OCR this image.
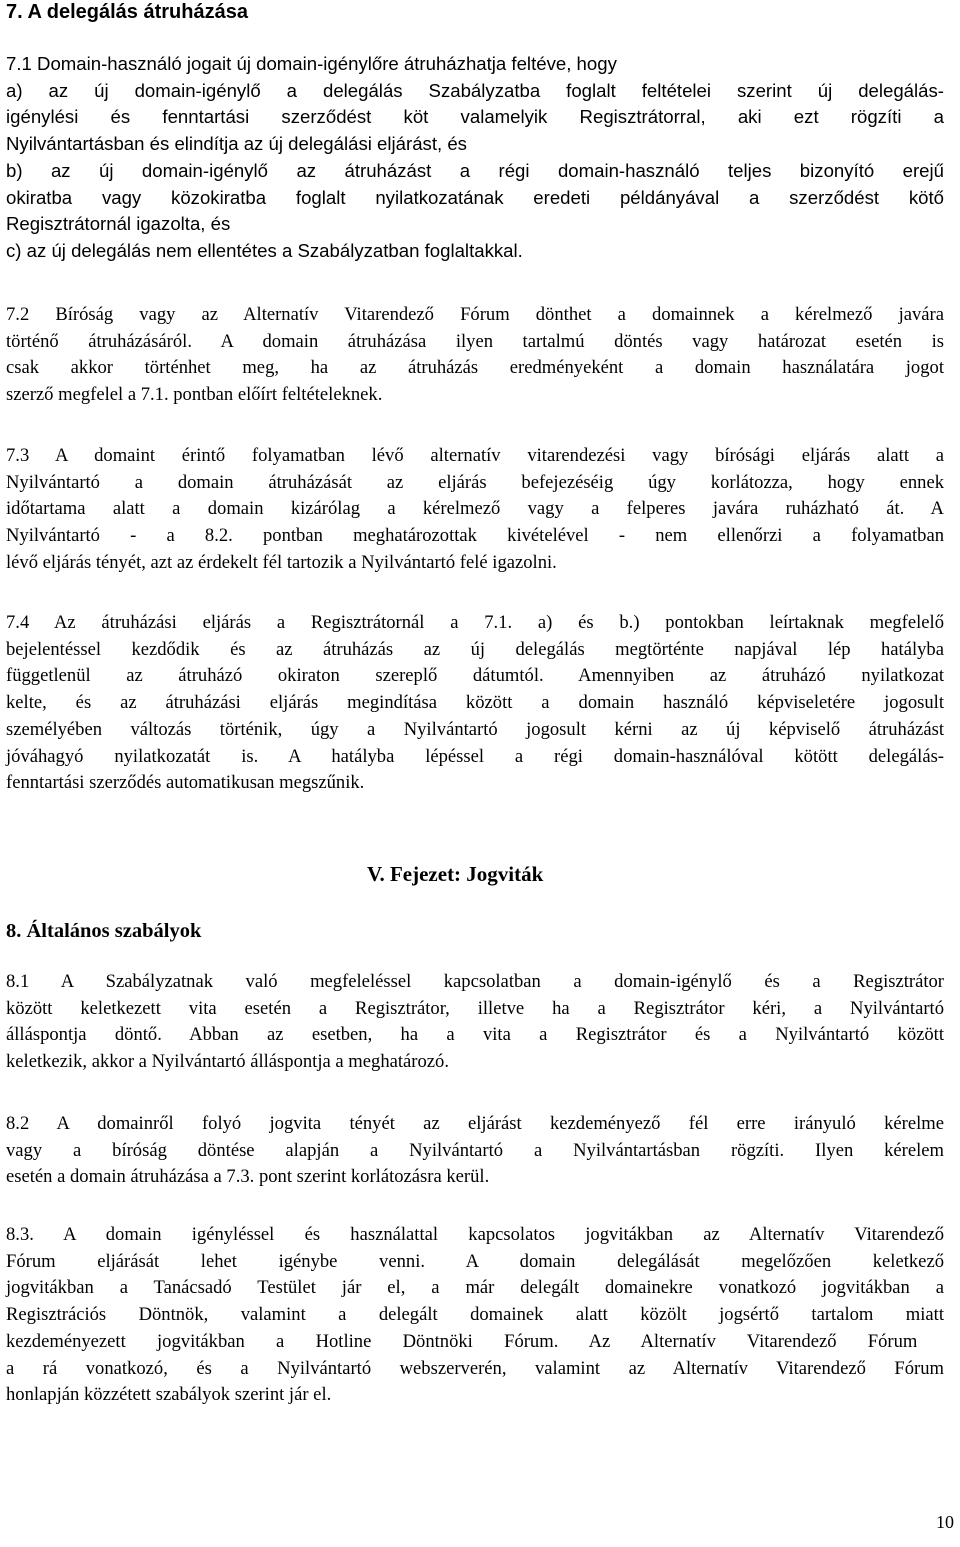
7. A delegálás átruházása
7.1 Domain-használó jogait új domain-igénylőre átruházhatja feltéve, hogy
a) az új domain-igénylő a delegálás Szabályzatba foglalt feltételei szerint új delegálás-
igénylési és fenntartási szerződést köt valamelyik Regisztrátorral, aki ezt rögzíti a
Nyilvántartásban és elindítja az új delegálási eljárást, és
b) az új domain-igénylő az átruházást a régi domain-használó teljes bizonyító erejű
okiratba vagy közokiratba foglalt nyilatkozatának eredeti példányával a szerződést kötő
Regisztrátornál igazolta, és
c) az új delegálás nem ellentétes a Szabályzatban foglaltakkal.
7.2 Bíróság vagy az Alternatív Vitarendező Fórum dönthet a domainnek a kérelmező javára
történő átruházásáról. A domain átruházása ilyen tartalmú döntés vagy határozat esetén is
csak akkor történhet meg, ha az átruházás eredményeként a domain használatára jogot
szerző megfelel a 7.1. pontban előírt feltételeknek.
7.3 A domaint érintő folyamatban lévő alternatív vitarendezési vagy bírósági eljárás alatt a
Nyilvántartó a domain átruházását az eljárás befejezéséig úgy korlátozza, hogy ennek
időtartama alatt a domain kizárólag a kérelmező vagy a felperes javára ruházható át. A
Nyilvántartó - a 8.2. pontban meghatározottak kivételével - nem ellenőrzi a folyamatban
lévő eljárás tényét, azt az érdekelt fél tartozik a Nyilvántartó felé igazolni.
7.4 Az átruházási eljárás a Regisztrátornál a 7.1. a) és b.) pontokban leírtaknak megfelelő
bejelentéssel kezdődik és az átruházás az új delegálás megtörténte napjával lép hatályba
függetlenül az átruházó okiraton szereplő dátumtól. Amennyiben az átruházó nyilatkozat
kelte, és az átruházási eljárás megindítása között a domain használó képviseletére jogosult
személyében változás történik, úgy a Nyilvántartó jogosult kérni az új képviselő átruházást
jóváhagyó nyilatkozatát is. A hatályba lépéssel a régi domain-használóval kötött delegálás-
fenntartási szerződés automatikusan megszűnik.
V. Fejezet: Jogviták
8. Általános szabályok
8.1 A Szabályzatnak való megfeleléssel kapcsolatban a domain-igénylő és a Regisztrátor
között keletkezett vita esetén a Regisztrátor, illetve ha a Regisztrátor kéri, a Nyilvántartó
álláspontja döntő. Abban az esetben, ha a vita a Regisztrátor és a Nyilvántartó között
keletkezik, akkor a Nyilvántartó álláspontja a meghatározó.
8.2 A domainről folyó jogvita tényét az eljárást kezdeményező fél erre irányuló kérelme
vagy a bíróság döntése alapján a Nyilvántartó a Nyilvántartásban rögzíti. Ilyen kérelem
esetén a domain átruházása a 7.3. pont szerint korlátozásra kerül.
8.3. A domain igényléssel és használattal kapcsolatos jogvitákban az Alternatív Vitarendező
Fórum eljárását lehet igénybe venni. A domain delegálását megelőzően keletkező
jogvitákban a Tanácsadó Testület jár el, a már delegált domainekre vonatkozó jogvitákban a
Regisztrációs Döntnök, valamint a delegált domainek alatt közölt jogsértő tartalom miatt
kezdeményezett jogvitákban a Hotline Döntnöki Fórum. Az Alternatív Vitarendező Fórum
a rá vonatkozó, és a Nyilvántartó webszerverén, valamint az Alternatív Vitarendező Fórum
honlapján közzétett szabályok szerint jár el.
10
